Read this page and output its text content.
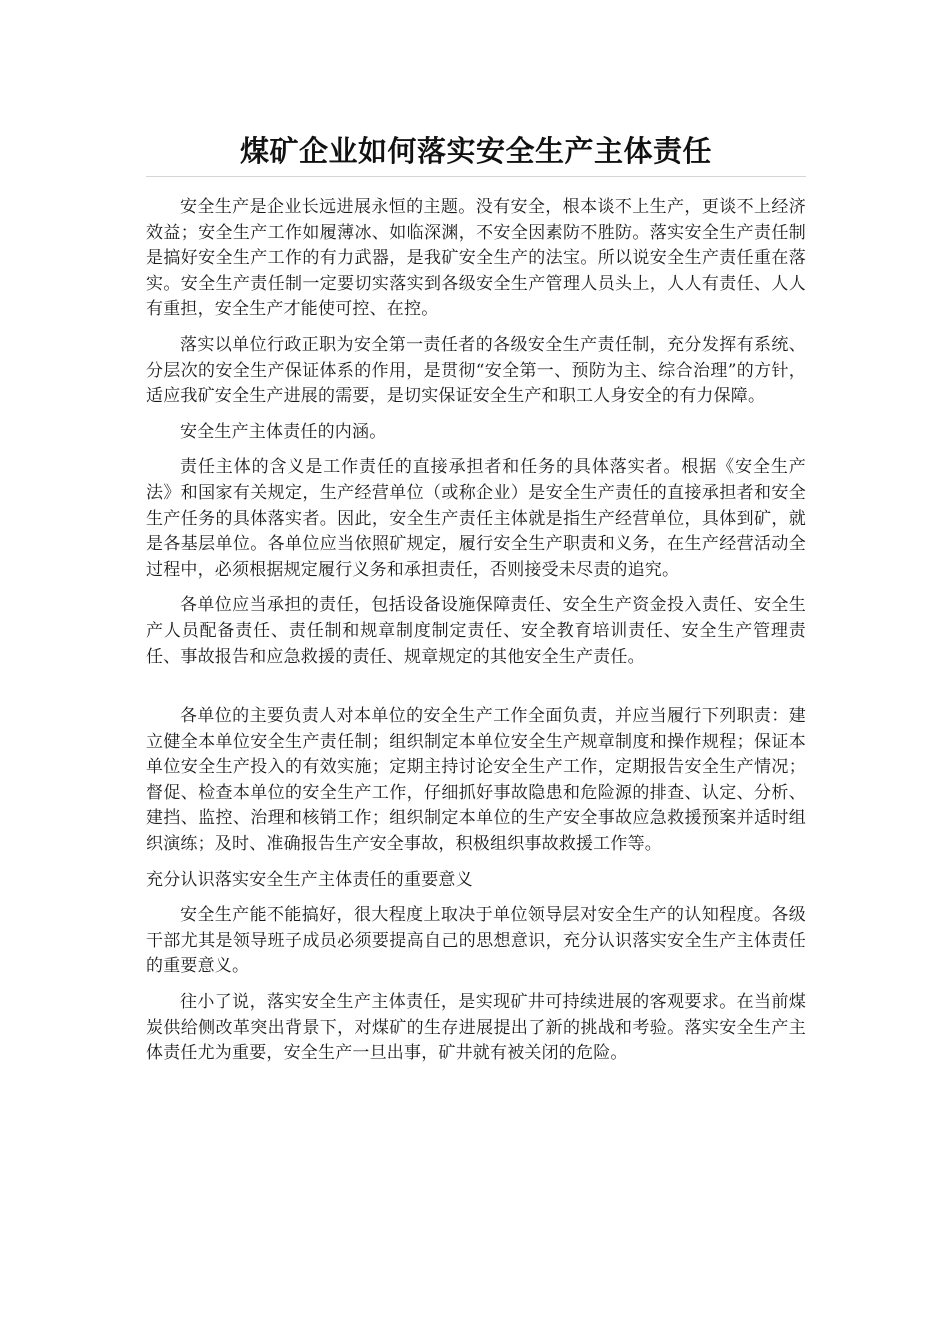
煤矿企业如何落实安全生产主体责任

安全生产是企业长远进展永恒的主题。没有安全，根本谈不上生产，更谈不上经济效益；安全生产工作如履薄冰、如临深渊，不安全因素防不胜防。落实安全生产责任制是搞好安全生产工作的有力武器，是我矿安全生产的法宝。所以说安全生产责任重在落实。安全生产责任制一定要切实落实到各级安全生产管理人员头上，人人有责任、人人有重担，安全生产才能使可控、在控。

落实以单位行政正职为安全第一责任者的各级安全生产责任制，充分发挥有系统、分层次的安全生产保证体系的作用，是贯彻“安全第一、预防为主、综合治理”的方针，适应我矿安全生产进展的需要，是切实保证安全生产和职工人身安全的有力保障。

安全生产主体责任的内涵。

责任主体的含义是工作责任的直接承担者和任务的具体落实者。根据《安全生产法》和国家有关规定，生产经营单位（或称企业）是安全生产责任的直接承担者和安全生产任务的具体落实者。因此，安全生产责任主体就是指生产经营单位，具体到矿，就是各基层单位。各单位应当依照矿规定，履行安全生产职责和义务，在生产经营活动全过程中，必须根据规定履行义务和承担责任，否则接受未尽责的追究。

各单位应当承担的责任，包括设备设施保障责任、安全生产资金投入责任、安全生产人员配备责任、责任制和规章制度制定责任、安全教育培训责任、安全生产管理责任、事故报告和应急救援的责任、规章规定的其他安全生产责任。

各单位的主要负责人对本单位的安全生产工作全面负责，并应当履行下列职责：建立健全本单位安全生产责任制；组织制定本单位安全生产规章制度和操作规程；保证本单位安全生产投入的有效实施；定期主持讨论安全生产工作，定期报告安全生产情况；督促、检查本单位的安全生产工作，仔细抓好事故隐患和危险源的排查、认定、分析、建挡、监控、治理和核销工作；组织制定本单位的生产安全事故应急救援预案并适时组织演练；及时、准确报告生产安全事故，积极组织事故救援工作等。

充分认识落实安全生产主体责任的重要意义

安全生产能不能搞好，很大程度上取决于单位领导层对安全生产的认知程度。各级干部尤其是领导班子成员必须要提高自己的思想意识，充分认识落实安全生产主体责任的重要意义。

往小了说，落实安全生产主体责任，是实现矿井可持续进展的客观要求。在当前煤炭供给侧改革突出背景下，对煤矿的生存进展提出了新的挑战和考验。落实安全生产主体责任尤为重要，安全生产一旦出事，矿井就有被关闭的危险。
